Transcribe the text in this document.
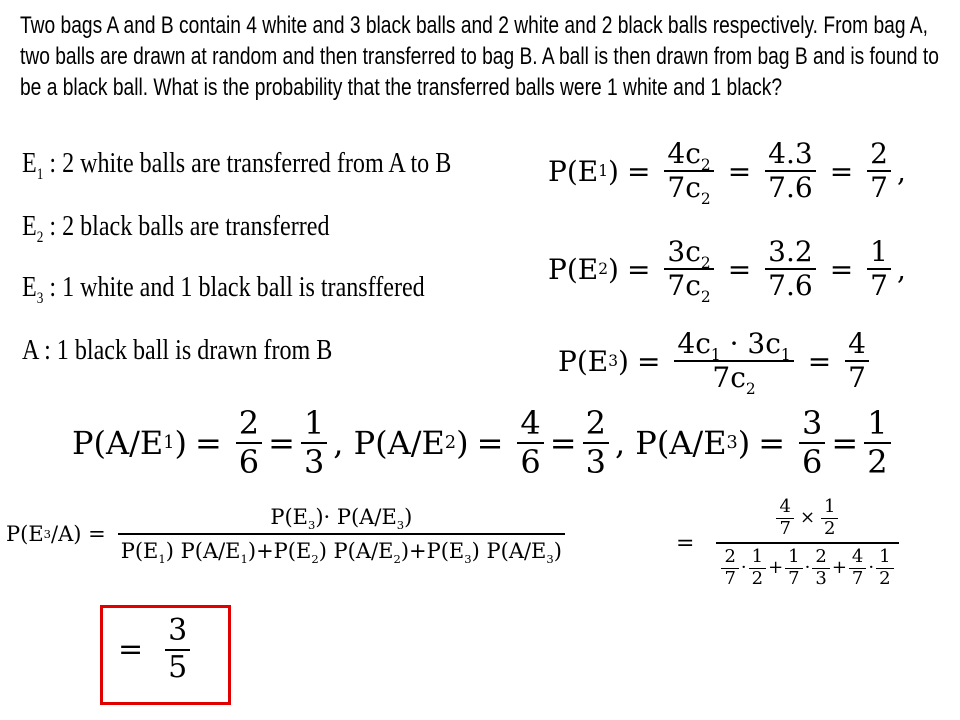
Two bags A and B contain 4 white and 3 black balls and 2 white and 2 black balls respectively. From bag A, two balls are drawn at random and then transferred to bag B. A ball is then drawn from bag B and is found to be a black ball. What is the probability that the transferred balls were 1 white and 1 black?
$E_1$ : 2 white balls are transferred from A to B
$E_2$ : 2 black balls are transferred
$E_3$ : 1 white and 1 black ball is transffered
A : 1 black ball is drawn from B
P(E 1 ) = $\frac{4c_2}{7c_2} = \frac{4.3}{7.6} = \frac{2}{7}$ ,
P(E 2 ) = $\frac{3c_2}{7c_2} = \frac{3.2}{7.6} = \frac{1}{7}$ ,
P(E 3 ) = $\frac{4c_1 \cdot 3c_1}{7c_2} = \frac{4}{7}$
P(A/E 1 ) = $\frac{2}{6} = \frac{1}{3}$ , P(A/E 2 ) = $\frac{4}{6} = \frac{2}{3}$ , P(A/E 3 ) = $\frac{3}{6} = \frac{1}{2}$
P(E 3 $/A) = \frac{P(E_3)\cdot P(A/E_3)}{P(E_1) P(A/E_1)+P(E_2) P(A/E_2)+P(E_3) P(A/E_3)}$	= $\frac{\frac{4}{7} \times \frac{1}{2}}{\frac{2}{7} \cdot \frac{1}{2} + \frac{1}{7} \cdot \frac{2}{3} + \frac{4}{7} \cdot \frac{1}{2}}$
= $\frac{3}{5}$
